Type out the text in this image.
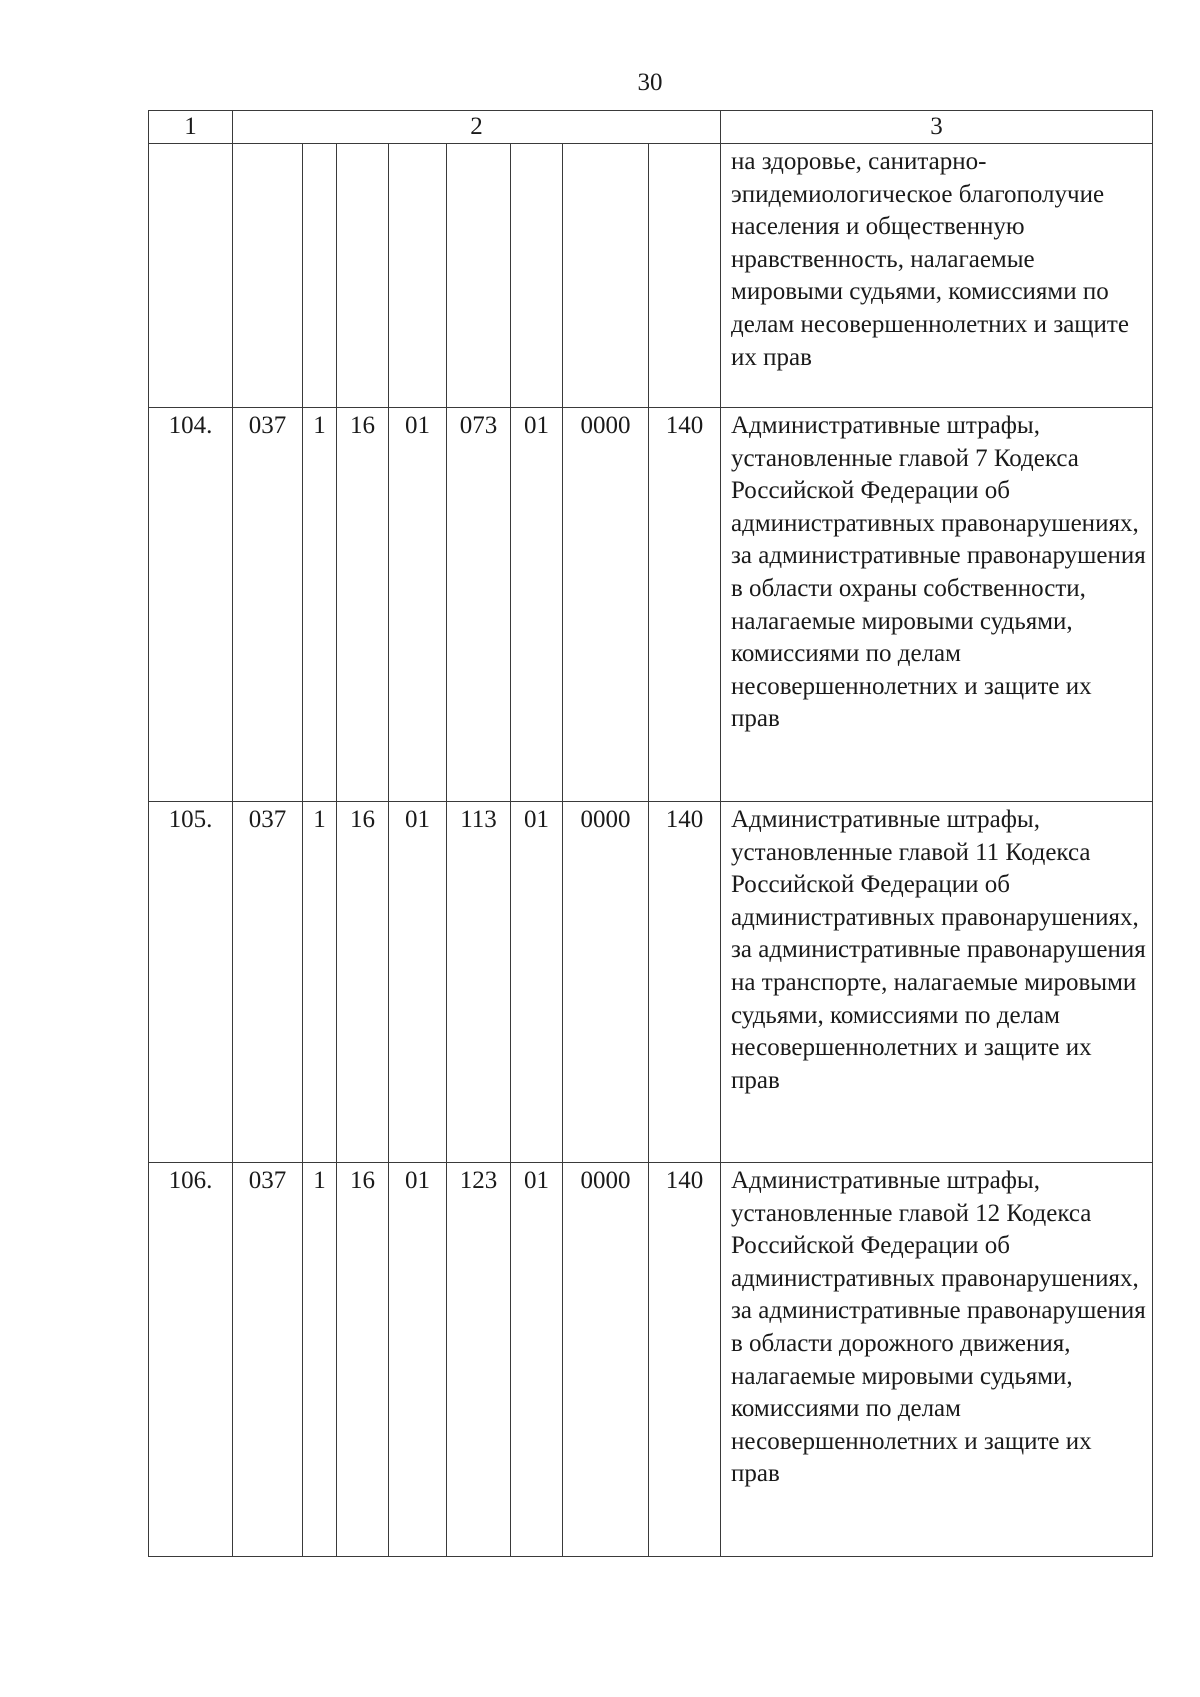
30
1	2								3
									на здоровье, санитарно-эпидемиологическое благополучие населения и общественную нравственность, налагаемые мировыми судьями, комиссиями по делам несовершеннолетних и защите их прав
104.	037	1	16	01	073	01	0000	140	Административные штрафы, установленные главой 7 Кодекса Российской Федерации об административных правонарушениях, за административные правонарушения в области охраны собственности, налагаемые мировыми судьями, комиссиями по делам несовершеннолетних и защите их прав
105.	037	1	16	01	113	01	0000	140	Административные штрафы, установленные главой 11 Кодекса Российской Федерации об административных правонарушениях, за административные правонарушения на транспорте, налагаемые мировыми судьями, комиссиями по делам несовершеннолетних и защите их прав
106.	037	1	16	01	123	01	0000	140	Административные штрафы, установленные главой 12 Кодекса Российской Федерации об административных правонарушениях, за административные правонарушения в области дорожного движения, налагаемые мировыми судьями, комиссиями по делам несовершеннолетних и защите их прав
